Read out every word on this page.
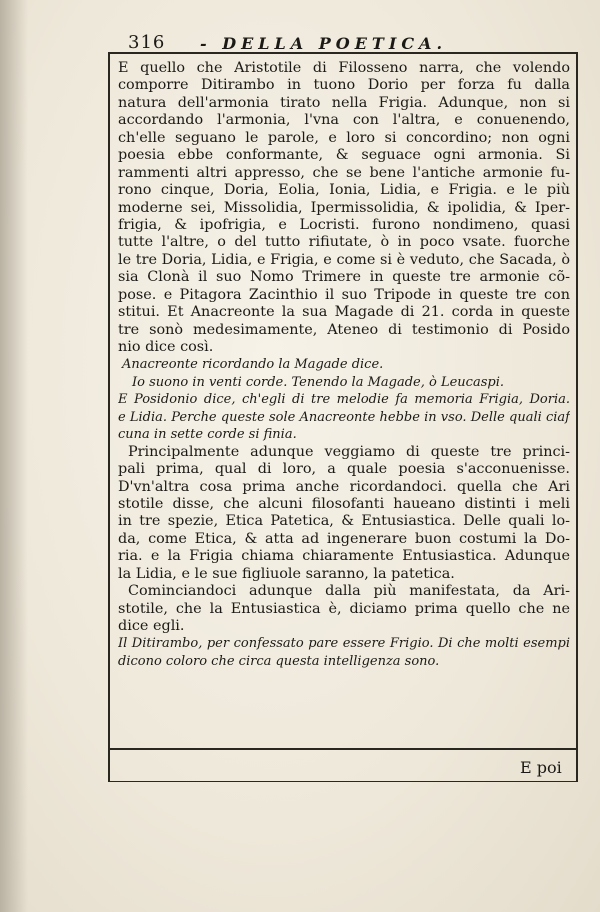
316 - DELLA POETICA.
E quello che Aristotile di Filosseno narra, che volendo
comporre Ditirambo in tuono Dorio per forza fu dalla
natura dell'armonia tirato nella Frigia. Adunque, non si
accordando l'armonia, l'vna con l'altra, e conuenendo,
ch'elle seguano le parole, e loro si concordino; non ogni
poesia ebbe conformante, & seguace ogni armonia. Si
rammenti altri appresso, che se bene l'antiche armonie fu-
rono cinque, Doria, Eolia, Ionia, Lidia, e Frigia. e le più
moderne sei, Missolidia, Ipermissolidia, & ipolidia, & Iper-
frigia, & ipofrigia, e Locristi. furono nondimeno, quasi
tutte l'altre, o del tutto rifiutate, ò in poco vsate. fuorche
le tre Doria, Lidia, e Frigia, e come si è veduto, che Sacada, ò
sia Clonà il suo Nomo Trimere in queste tre armonie cõ-
pose. e Pitagora Zacinthio il suo Tripode in queste tre con
stitui. Et Anacreonte la sua Magade di 21. corda in queste
tre sonò medesimamente, Ateneo di testimonio di Posido
nio dice così.
Anacreonte ricordando la Magade dice.
Io suono in venti corde. Tenendo la Magade, ò Leucaspi.
E Posidonio dice, ch'egli di tre melodie fa memoria Frigia, Doria.
e Lidia. Perche queste sole Anacreonte hebbe in vso. Delle quali ciaf
cuna in sette corde si finia.
Principalmente adunque veggiamo di queste tre princi-
pali prima, qual di loro, a quale poesia s'acconuenisse.
D'vn'altra cosa prima anche ricordandoci. quella che Ari
stotile disse, che alcuni filosofanti haueano distinti i meli
in tre spezie, Etica Patetica, & Entusiastica. Delle quali lo-
da, come Etica, & atta ad ingenerare buon costumi la Do-
ria. e la Frigia chiama chiaramente Entusiastica. Adunque
la Lidia, e le sue figliuole saranno, la patetica.
Cominciandoci adunque dalla più manifestata, da Ari-
stotile, che la Entusiastica è, diciamo prima quello che ne
dice egli.
Il Ditirambo, per confessato pare essere Frigio. Di che molti esempi
dicono coloro che circa questa intelligenza sono.
E poi
